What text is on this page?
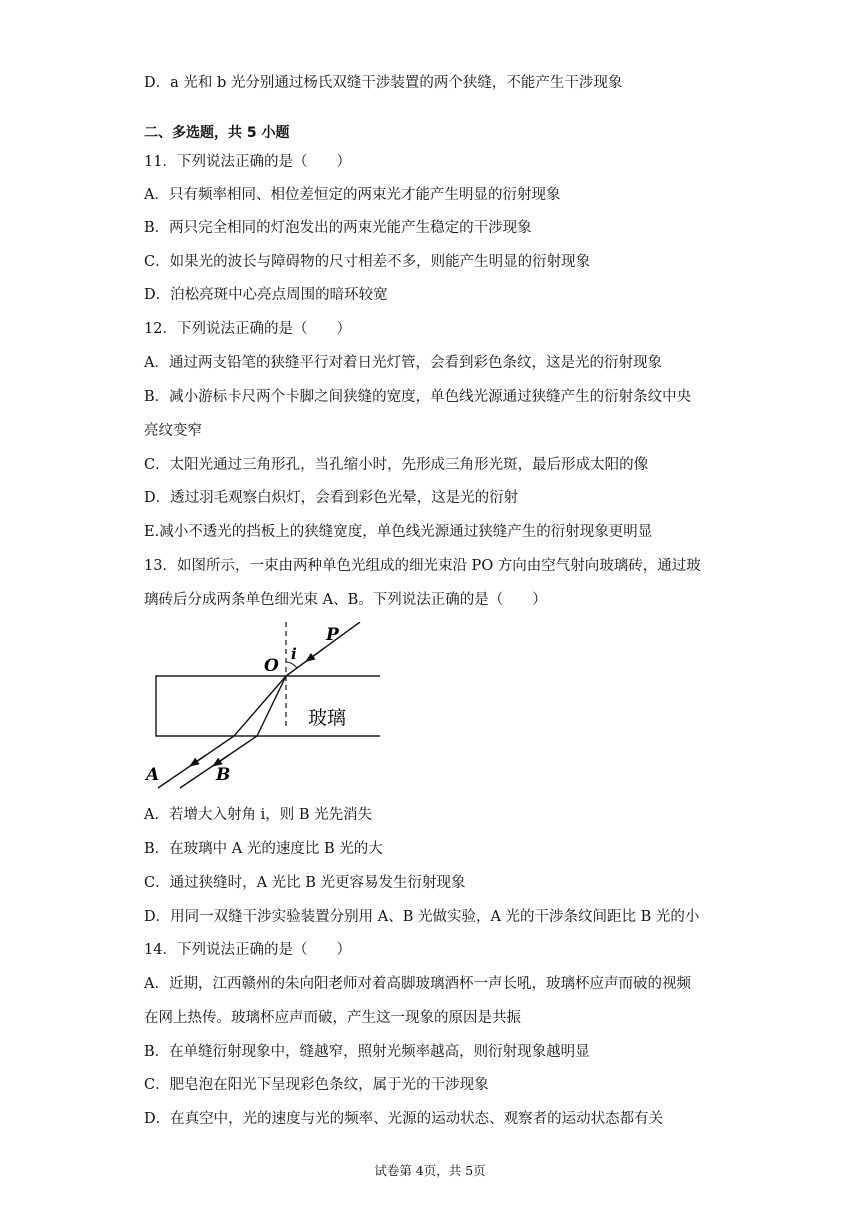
D．a 光和 b 光分别通过杨氏双缝干涉装置的两个狭缝，不能产生干涉现象
二、多选题，共 5 小题
11．下列说法正确的是（　　）
A．只有频率相同、相位差恒定的两束光才能产生明显的衍射现象
B．两只完全相同的灯泡发出的两束光能产生稳定的干涉现象
C．如果光的波长与障碍物的尺寸相差不多，则能产生明显的衍射现象
D．泊松亮斑中心亮点周围的暗环较宽
12．下列说法正确的是（　　）
A．通过两支铅笔的狭缝平行对着日光灯管，会看到彩色条纹，这是光的衍射现象
B．减小游标卡尺两个卡脚之间狭缝的宽度，单色线光源通过狭缝产生的衍射条纹中央
亮纹变窄
C．太阳光通过三角形孔，当孔缩小时，先形成三角形光斑，最后形成太阳的像
D．透过羽毛观察白炽灯，会看到彩色光晕，这是光的衍射
E.减小不透光的挡板上的狭缝宽度，单色线光源通过狭缝产生的衍射现象更明显
13．如图所示，一束由两种单色光组成的细光束沿 PO 方向由空气射向玻璃砖，通过玻
璃砖后分成两条单色细光束 A、B。下列说法正确的是（　　）
P
O
i
A	B
玻璃
A．若增大入射角 i，则 B 光先消失
B．在玻璃中 A 光的速度比 B 光的大
C．通过狭缝时，A 光比 B 光更容易发生衍射现象
D．用同一双缝干涉实验装置分别用 A、B 光做实验，A 光的干涉条纹间距比 B 光的小
14．下列说法正确的是（　　）
A．近期，江西赣州的朱向阳老师对着高脚玻璃酒杯一声长吼，玻璃杯应声而破的视频
在网上热传。玻璃杯应声而破，产生这一现象的原因是共振
B．在单缝衍射现象中，缝越窄，照射光频率越高，则衍射现象越明显
C．肥皂泡在阳光下呈现彩色条纹，属于光的干涉现象
D．在真空中，光的速度与光的频率、光源的运动状态、观察者的运动状态都有关
试卷第 4页，共 5页
